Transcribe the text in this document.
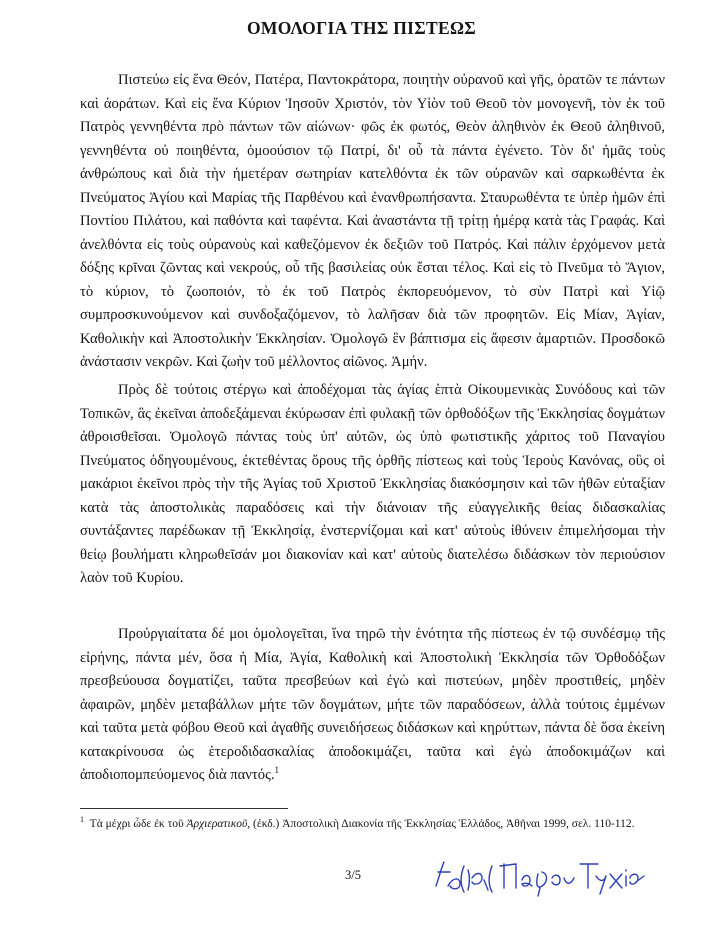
ΟΜΟΛΟΓΙΑ ΤΗΣ ΠΙΣΤΕΩΣ

Πιστεύω εἰς ἕνα Θεόν, Πατέρα, Παντοκράτορα, ποιητὴν οὐρανοῦ καὶ γῆς, ὁρατῶν τε πάντων καὶ ἀοράτων. Καὶ εἰς ἕνα Κύριον Ἰησοῦν Χριστόν, τὸν Υἱὸν τοῦ Θεοῦ τὸν μονογενῆ, τὸν ἐκ τοῦ Πατρὸς γεννηθέντα πρὸ πάντων τῶν αἰώνων· φῶς ἐκ φωτός, Θεὸν ἀληθινὸν ἐκ Θεοῦ ἀληθινοῦ, γεννηθέντα οὐ ποιηθέντα, ὁμοούσιον τῷ Πατρί, δι' οὗ τὰ πάντα ἐγένετο. Τὸν δι' ἡμᾶς τοὺς ἀνθρώπους καὶ διὰ τὴν ἡμετέραν σωτηρίαν κατελθόντα ἐκ τῶν οὐρανῶν καὶ σαρκωθέντα ἐκ Πνεύματος Ἁγίου καὶ Μαρίας τῆς Παρθένου καὶ ἐνανθρωπήσαντα. Σταυρωθέντα τε ὑπὲρ ἡμῶν ἐπὶ Ποντίου Πιλάτου, καὶ παθόντα καὶ ταφέντα. Καὶ ἀναστάντα τῇ τρίτῃ ἡμέρᾳ κατὰ τὰς Γραφάς. Καὶ ἀνελθόντα εἰς τοὺς οὐρανοὺς καὶ καθεζόμενον ἐκ δεξιῶν τοῦ Πατρός. Καὶ πάλιν ἐρχόμενον μετὰ δόξης κρῖναι ζῶντας καὶ νεκρούς, οὗ τῆς βασιλείας οὐκ ἔσται τέλος. Καὶ εἰς τὸ Πνεῦμα τὸ Ἅγιον, τὸ κύριον, τὸ ζωοποιόν, τὸ ἐκ τοῦ Πατρὸς ἐκπορευόμενον, τὸ σὺν Πατρὶ καὶ Υἱῷ συμπροσκυνούμενον καὶ συνδοξαζόμενον, τὸ λαλῆσαν διὰ τῶν προφητῶν. Εἰς Μίαν, Ἁγίαν, Καθολικὴν καὶ Ἀποστολικὴν Ἐκκλησίαν. Ὁμολογῶ ἓν βάπτισμα εἰς ἄφεσιν ἁμαρτιῶν. Προσδοκῶ ἀνάστασιν νεκρῶν. Καὶ ζωὴν τοῦ μέλλοντος αἰῶνος. Ἀμήν.

Πρὸς δὲ τούτοις στέργω καὶ ἀποδέχομαι τὰς ἁγίας ἑπτὰ Οἰκουμενικὰς Συνόδους καὶ τῶν Τοπικῶν, ἃς ἐκεῖναι ἀποδεξάμεναι ἐκύρωσαν ἐπὶ φυλακῇ τῶν ὀρθοδόξων τῆς Ἐκκλησίας δογμάτων ἀθροισθεῖσαι. Ὁμολογῶ πάντας τοὺς ὑπ' αὐτῶν, ὡς ὑπὸ φωτιστικῆς χάριτος τοῦ Παναγίου Πνεύματος ὁδηγουμένους, ἐκτεθέντας ὅρους τῆς ὀρθῆς πίστεως καὶ τοὺς Ἱεροὺς Κανόνας, οὓς οἱ μακάριοι ἐκεῖνοι πρὸς τὴν τῆς Ἁγίας τοῦ Χριστοῦ Ἐκκλησίας διακόσμησιν καὶ τῶν ἠθῶν εὐταξίαν κατὰ τὰς ἀποστολικὰς παραδόσεις καὶ τὴν διάνοιαν τῆς εὐαγγελικῆς θείας διδασκαλίας συντάξαντες παρέδωκαν τῇ Ἐκκλησίᾳ, ἐνστερνίζομαι καὶ κατ' αὐτοὺς ἰθύνειν ἐπιμελήσομαι τὴν θείῳ βουλήματι κληρωθεῖσάν μοι διακονίαν καὶ κατ' αὐτοὺς διατελέσω διδάσκων τὸν περιούσιον λαὸν τοῦ Κυρίου.

Προὐργιαίτατα δέ μοι ὁμολογεῖται, ἵνα τηρῶ τὴν ἑνότητα τῆς πίστεως ἐν τῷ συνδέσμῳ τῆς εἰρήνης, πάντα μέν, ὅσα ἡ Μία, Ἁγία, Καθολικὴ καὶ Ἀποστολικὴ Ἐκκλησία τῶν Ὀρθοδόξων πρεσβεύουσα δογματίζει, ταῦτα πρεσβεύων καὶ ἐγὼ καὶ πιστεύων, μηδὲν προστιθείς, μηδὲν ἀφαιρῶν, μηδὲν μεταβάλλων μήτε τῶν δογμάτων, μήτε τῶν παραδόσεων, ἀλλὰ τούτοις ἐμμένων καὶ ταῦτα μετὰ φόβου Θεοῦ καὶ ἀγαθῆς συνειδήσεως διδάσκων καὶ κηρύττων, πάντα δὲ ὅσα ἐκείνη κατακρίνουσα ὡς ἑτεροδιδασκαλίας ἀποδοκιμάζει, ταῦτα καὶ ἐγὼ ἀποδοκιμάζων καὶ ἀποδιοπομπεύομενος διὰ παντός.$^1$

$^1$ Τὰ μέχρι ὧδε ἐκ τοῦ Ἀρχιερατικοῦ, (ἐκδ.) Ἀποστολικὴ Διακονία τῆς Ἐκκλησίας Ἑλλάδος, Ἀθῆναι 1999, σελ. 110-112.

3/5
